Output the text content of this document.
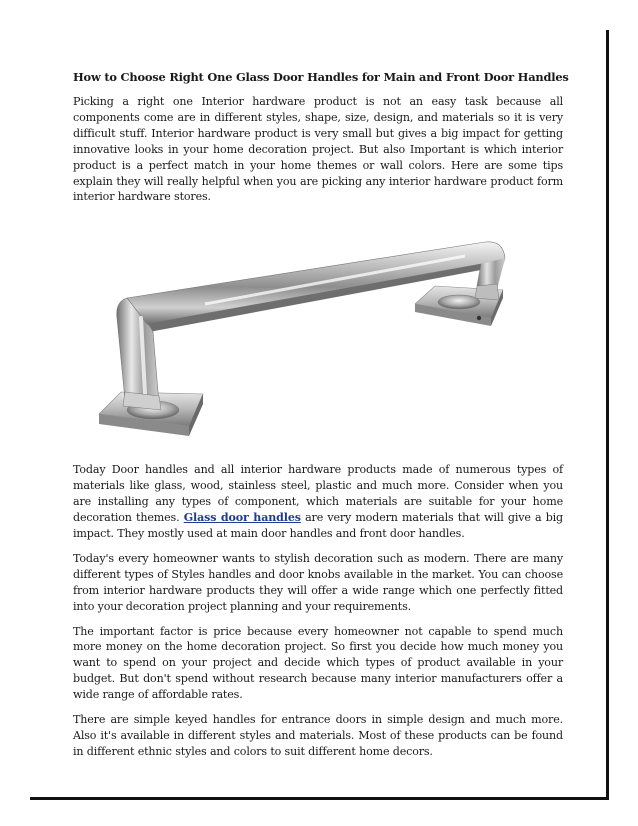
How to Choose Right One Glass Door Handles for Main and Front Door Handles

Picking a right one Interior hardware product is not an easy task because all components come are in different styles, shape, size, design, and materials so it is very difficult stuff. Interior hardware product is very small but gives a big impact for getting innovative looks in your home decoration project. But also Important is which interior product is a perfect match in your home themes or wall colors. Here are some tips explain they will really helpful when you are picking any interior hardware product form interior hardware stores.

Today Door handles and all interior hardware products made of numerous types of materials like glass, wood, stainless steel, plastic and much more. Consider when you are installing any types of component, which materials are suitable for your home decoration themes. Glass door handles are very modern materials that will give a big impact. They mostly used at main door handles and front door handles.

Today's every homeowner wants to stylish decoration such as modern. There are many different types of Styles handles and door knobs available in the market. You can choose from interior hardware products they will offer a wide range which one perfectly fitted into your decoration project planning and your requirements.

The important factor is price because every homeowner not capable to spend much more money on the home decoration project. So first you decide how much money you want to spend on your project and decide which types of product available in your budget. But don't spend without research because many interior manufacturers offer a wide range of affordable rates.

There are simple keyed handles for entrance doors in simple design and much more. Also it's available in different styles and materials. Most of these products can be found in different ethnic styles and colors to suit different home decors.
